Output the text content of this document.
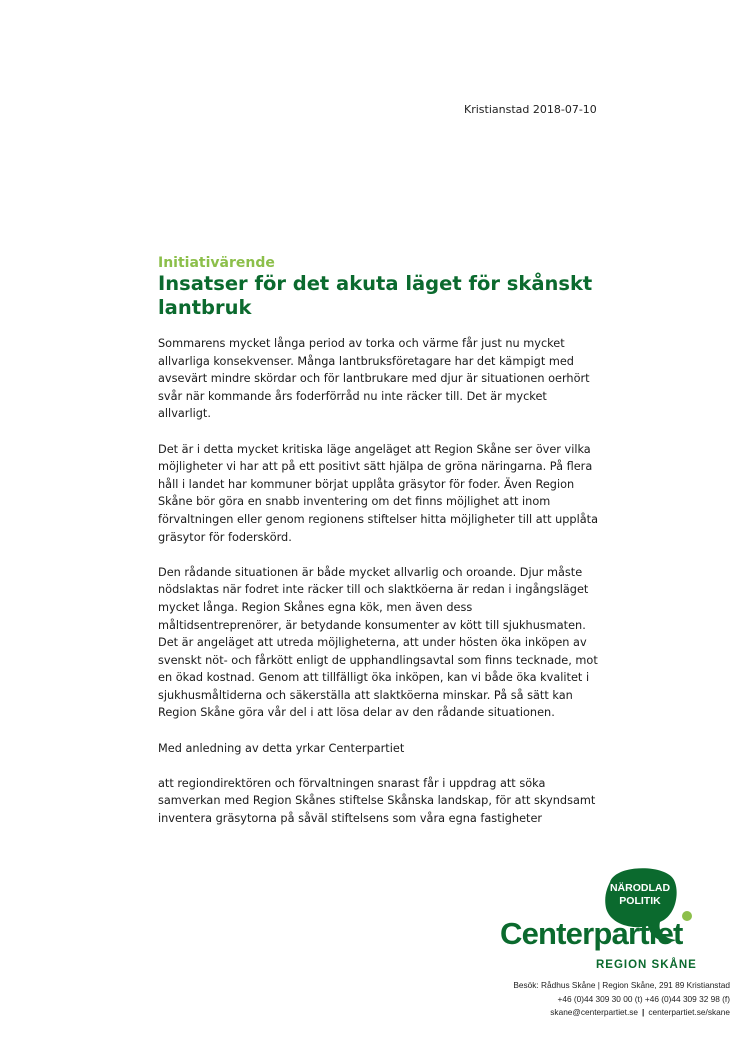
Kristianstad 2018-07-10
Initiativärende
Insatser för det akuta läget för skånskt lantbruk

Sommarens mycket långa period av torka och värme får just nu mycket allvarliga konsekvenser. Många lantbruksföretagare har det kämpigt med avsevärt mindre skördar och för lantbrukare med djur är situationen oerhört svår när kommande års foderförråd nu inte räcker till. Det är mycket allvarligt.

Det är i detta mycket kritiska läge angeläget att Region Skåne ser över vilka möjligheter vi har att på ett positivt sätt hjälpa de gröna näringarna. På flera håll i landet har kommuner börjat upplåta gräsytor för foder. Även Region Skåne bör göra en snabb inventering om det finns möjlighet att inom förvaltningen eller genom regionens stiftelser hitta möjligheter till att upplåta gräsytor för foderskörd.

Den rådande situationen är både mycket allvarlig och oroande. Djur måste nödslaktas när fodret inte räcker till och slaktköerna är redan i ingångsläget mycket långa. Region Skånes egna kök, men även dess måltidsentreprenörer, är betydande konsumenter av kött till sjukhusmaten. Det är angeläget att utreda möjligheterna, att under hösten öka inköpen av svenskt nöt- och fårkött enligt de upphandlingsavtal som finns tecknade, mot en ökad kostnad. Genom att tillfälligt öka inköpen, kan vi både öka kvalitet i sjukhusmåltiderna och säkerställa att slaktköerna minskar. På så sätt kan Region Skåne göra vår del i att lösa delar av den rådande situationen.

Med anledning av detta yrkar Centerpartiet

att regiondirektören och förvaltningen snarast får i uppdrag att söka samverkan med Region Skånes stiftelse Skånska landskap, för att skyndsamt inventera gräsytorna på såväl stiftelsens som våra egna fastigheter

NÄRODLAD
POLITIK
Centerpartiet
REGION SKÅNE
Besök: Rådhus Skåne | Region Skåne, 291 89 Kristianstad
+46 (0)44 309 30 00 (t) +46 (0)44 309 32 98 (f)
skane@centerpartiet.se | centerpartiet.se/skane
